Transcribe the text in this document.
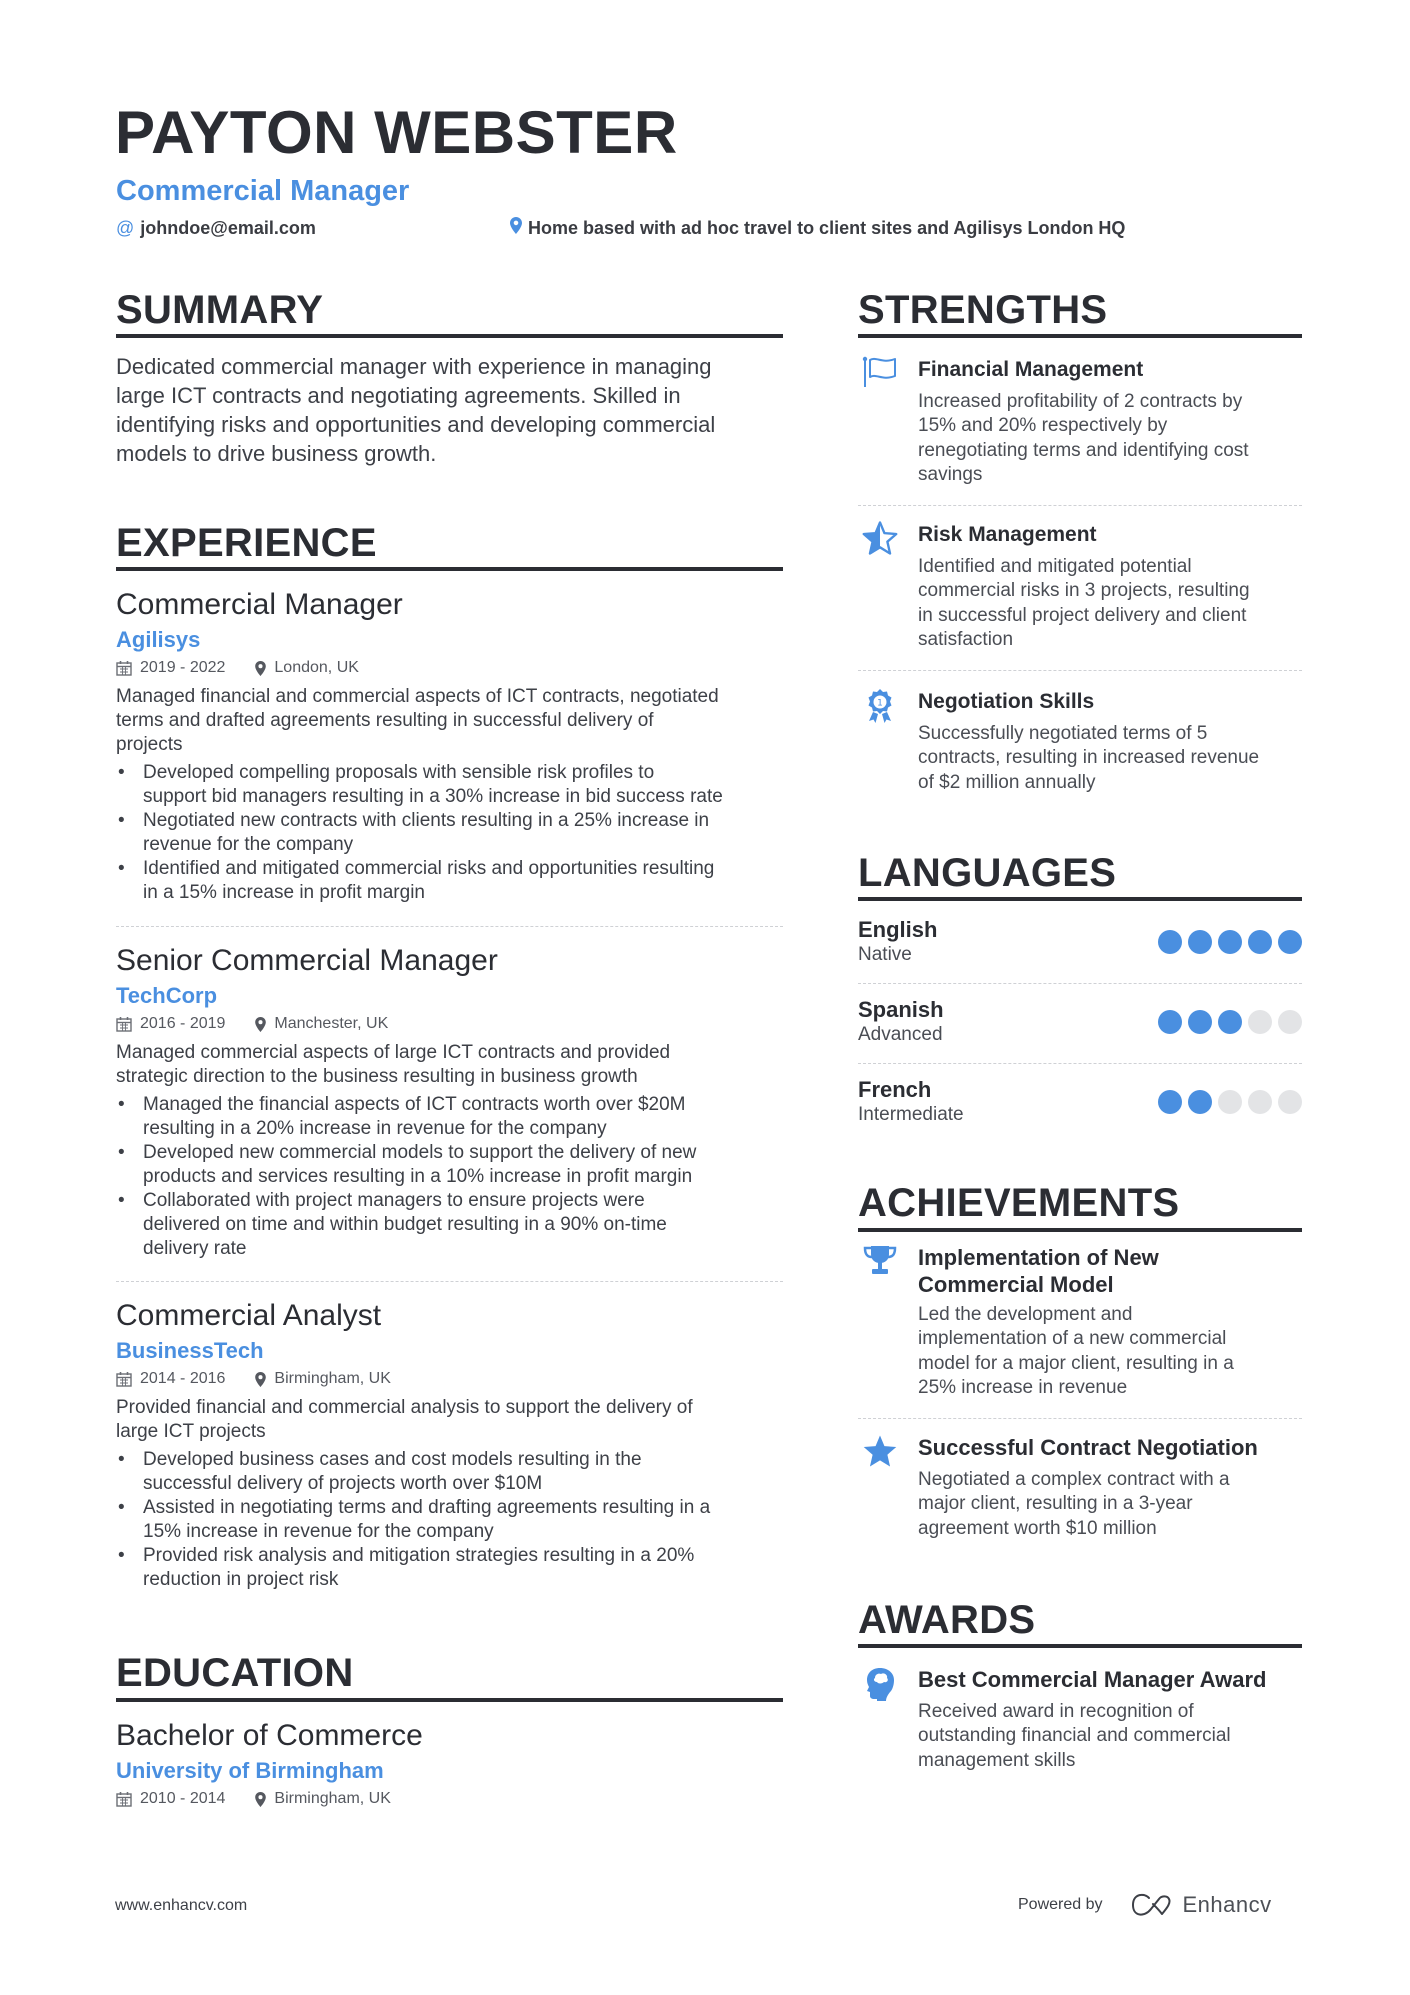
PAYTON WEBSTER
Commercial Manager
@ johndoe@email.com	Home based with ad hoc travel to client sites and Agilisys London HQ
SUMMARY
Dedicated commercial manager with experience in managing
large ICT contracts and negotiating agreements. Skilled in
identifying risks and opportunities and developing commercial
models to drive business growth.
EXPERIENCE
Commercial Manager
Agilisys
2019 - 2022	London, UK
Managed financial and commercial aspects of ICT contracts, negotiated
terms and drafted agreements resulting in successful delivery of
projects
• Developed compelling proposals with sensible risk profiles to
support bid managers resulting in a 30% increase in bid success rate
• Negotiated new contracts with clients resulting in a 25% increase in
revenue for the company
• Identified and mitigated commercial risks and opportunities resulting
in a 15% increase in profit margin
Senior Commercial Manager
TechCorp
2016 - 2019	Manchester, UK
Managed commercial aspects of large ICT contracts and provided
strategic direction to the business resulting in business growth
• Managed the financial aspects of ICT contracts worth over $20M
resulting in a 20% increase in revenue for the company
• Developed new commercial models to support the delivery of new
products and services resulting in a 10% increase in profit margin
• Collaborated with project managers to ensure projects were
delivered on time and within budget resulting in a 90% on-time
delivery rate
Commercial Analyst
BusinessTech
2014 - 2016	Birmingham, UK
Provided financial and commercial analysis to support the delivery of
large ICT projects
• Developed business cases and cost models resulting in the
successful delivery of projects worth over $10M
• Assisted in negotiating terms and drafting agreements resulting in a
15% increase in revenue for the company
• Provided risk analysis and mitigation strategies resulting in a 20%
reduction in project risk
EDUCATION
Bachelor of Commerce
University of Birmingham
2010 - 2014	Birmingham, UK
STRENGTHS
Financial Management
Increased profitability of 2 contracts by
15% and 20% respectively by
renegotiating terms and identifying cost
savings
Risk Management
Identified and mitigated potential
commercial risks in 3 projects, resulting
in successful project delivery and client
satisfaction
1 Negotiation Skills
Successfully negotiated terms of 5
contracts, resulting in increased revenue
of $2 million annually
LANGUAGES
English
Native
Spanish
Advanced
French
Intermediate
ACHIEVEMENTS
Implementation of New
Commercial Model
Led the development and
implementation of a new commercial
model for a major client, resulting in a
25% increase in revenue
Successful Contract Negotiation
Negotiated a complex contract with a
major client, resulting in a 3-year
agreement worth $10 million
AWARDS
Best Commercial Manager Award
Received award in recognition of
outstanding financial and commercial
management skills
www.enhancv.com	Powered by	Enhancv
